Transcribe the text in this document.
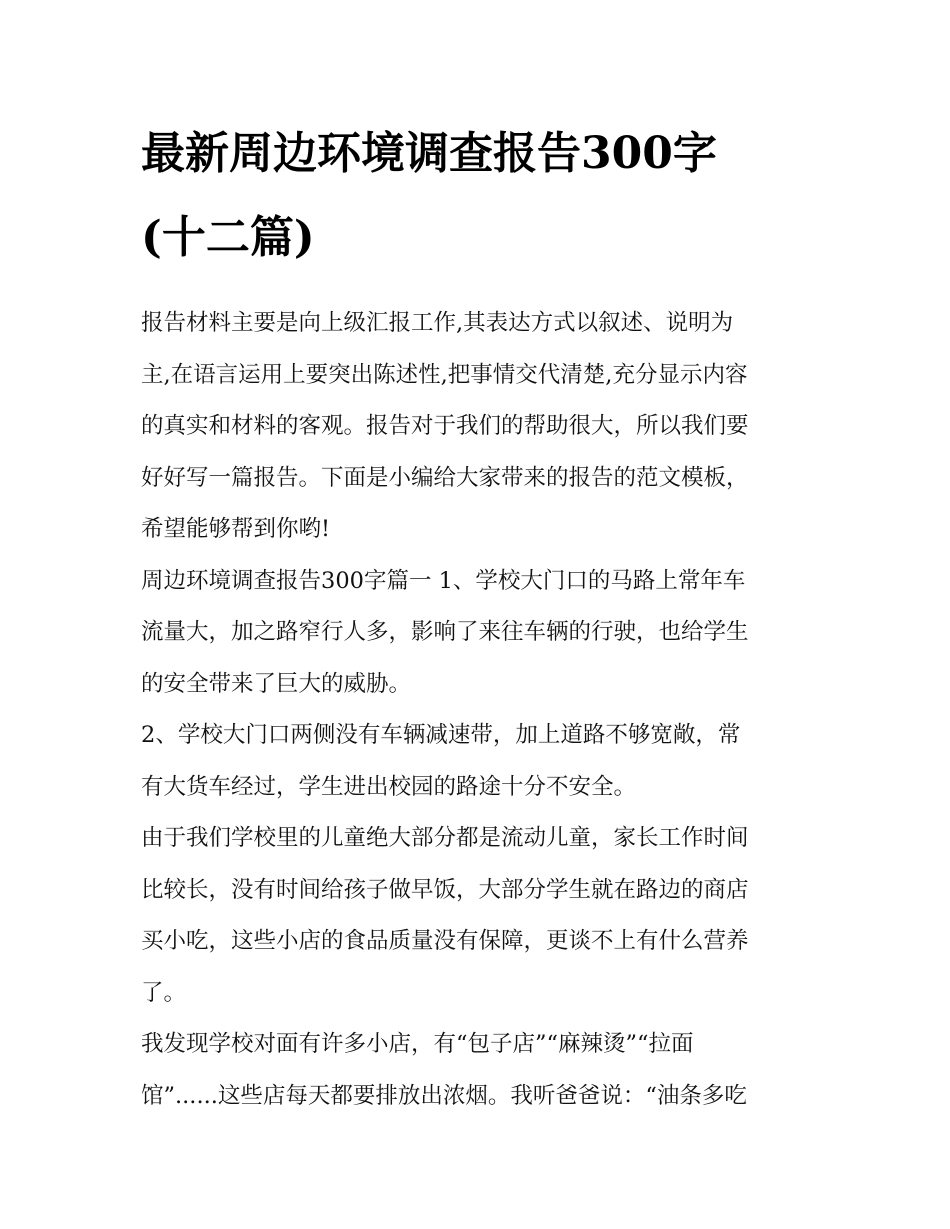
最新周边环境调查报告300字
(十二篇)
报告材料主要是向上级汇报工作,其表达方式以叙述、说明为
主,在语言运用上要突出陈述性,把事情交代清楚,充分显示内容
的真实和材料的客观。报告对于我们的帮助很大，所以我们要
好好写一篇报告。下面是小编给大家带来的报告的范文模板，
希望能够帮到你哟!
周边环境调查报告300字篇一 1、学校大门口的马路上常年车
流量大，加之路窄行人多，影响了来往车辆的行驶，也给学生
的安全带来了巨大的威胁。
2、学校大门口两侧没有车辆减速带，加上道路不够宽敞，常
有大货车经过，学生进出校园的路途十分不安全。
由于我们学校里的儿童绝大部分都是流动儿童，家长工作时间
比较长，没有时间给孩子做早饭，大部分学生就在路边的商店
买小吃，这些小店的食品质量没有保障，更谈不上有什么营养
了。
我发现学校对面有许多小店，有“包子店”“麻辣烫”“拉面
馆”......这些店每天都要排放出浓烟。我听爸爸说：“油条多吃
